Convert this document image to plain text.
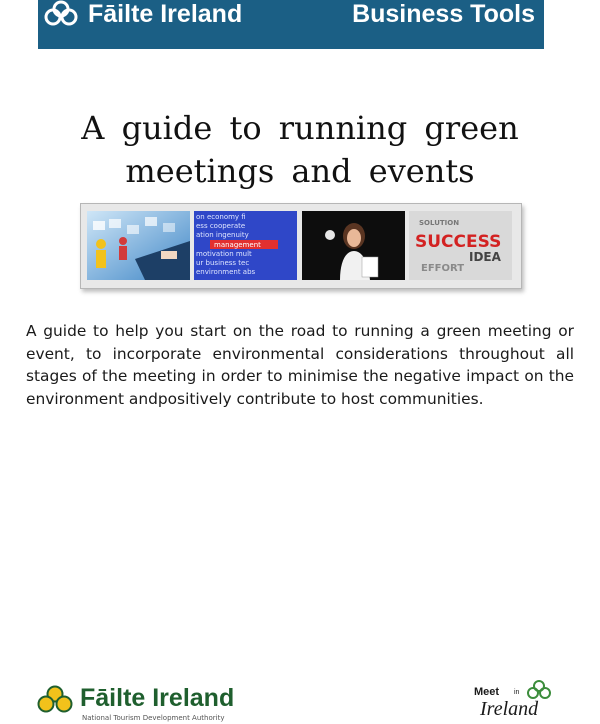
Fāilte Ireland	Business Tools
A guide to running green
meetings and events
on economy fi
ess cooperate
ation ingenuity
motivation mult
ur business tec
environment abs
management
SOLUTION
SUCCESS
IDEA
EFFORT

A guide to help you start on the road to running a green meeting or event, to incorporate environmental considerations throughout all stages of the meeting in order to minimise the negative impact on the environment andpositively contribute to host communities.

Fāilte Ireland
National Tourism Development Authority
Meet in
Ireland
